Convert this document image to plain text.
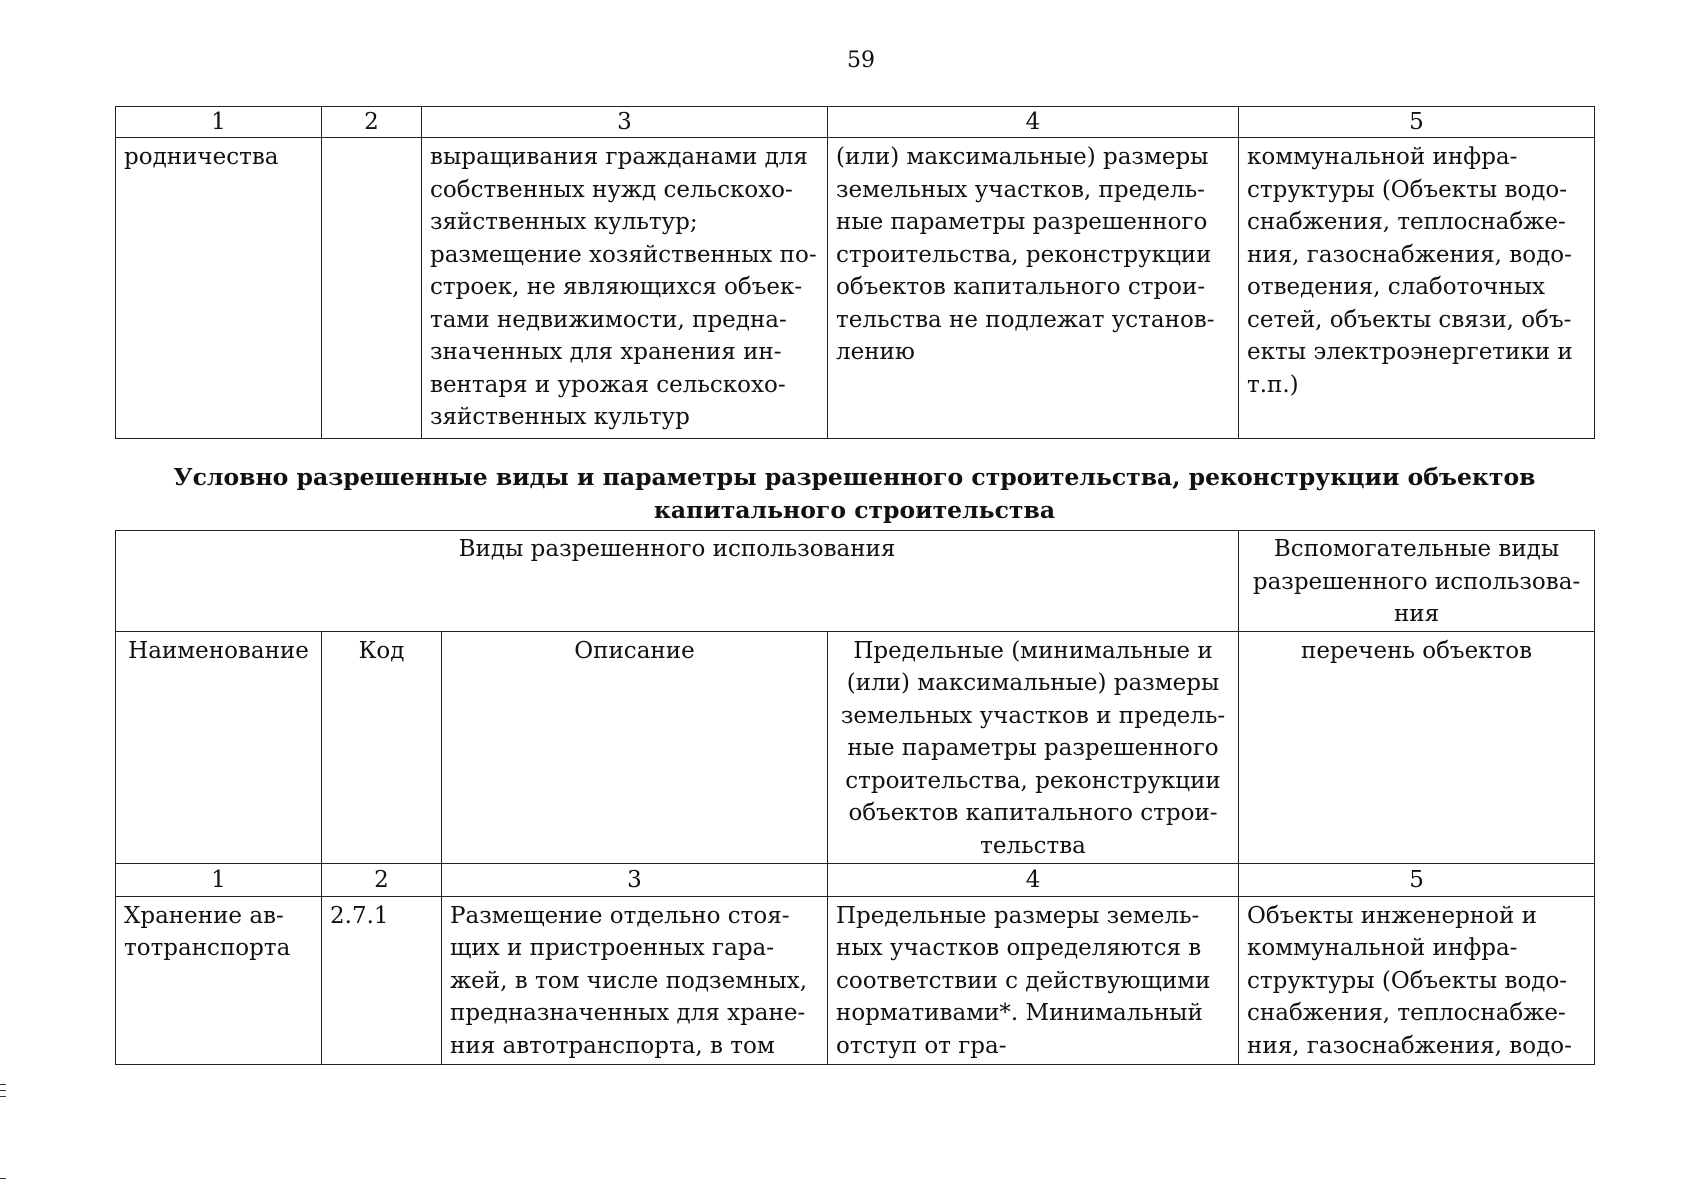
59
1	2	3	4	5
родничества		выращивания гражданами для собственных нужд сельскохо-зяйственных культур; размещение хозяйственных по-строек, не являющихся объек-тами недвижимости, предна-значенных для хранения ин-вентаря и урожая сельскохо-зяйственных культур	(или) максимальные) размеры земельных участков, предель-ные параметры разрешенного строительства, реконструкции объектов капитального строи-тельства не подлежат установ-лению	коммунальной инфра-структуры (Объекты водо-снабжения, теплоснабже-ния, газоснабжения, водо-отведения, слаботочных сетей, объекты связи, объ-екты электроэнергетики и т.п.)
Условно разрешенные виды и параметры разрешенного строительства, реконструкции объектов капитального строительства
Виды разрешенного использования				Вспомогательные виды разрешенного использова-ния
Наименование	Код	Описание	Предельные (минимальные и (или) максимальные) размеры земельных участков и предель-ные параметры разрешенного строительства, реконструкции объектов капитального строи-тельства	перечень объектов
1	2	3	4	5
Хранение ав-тотранспорта	2.7.1	Размещение отдельно стоя-щих и пристроенных гара-жей, в том числе подземных, предназначенных для хране-ния автотранспорта, в том	Предельные размеры земель-ных участков определяются в соответствии с действующими нормативами*. Минимальный отступ от гра-	Объекты инженерной и коммунальной инфра-структуры (Объекты водо-снабжения, теплоснабже-ния, газоснабжения, водо-
